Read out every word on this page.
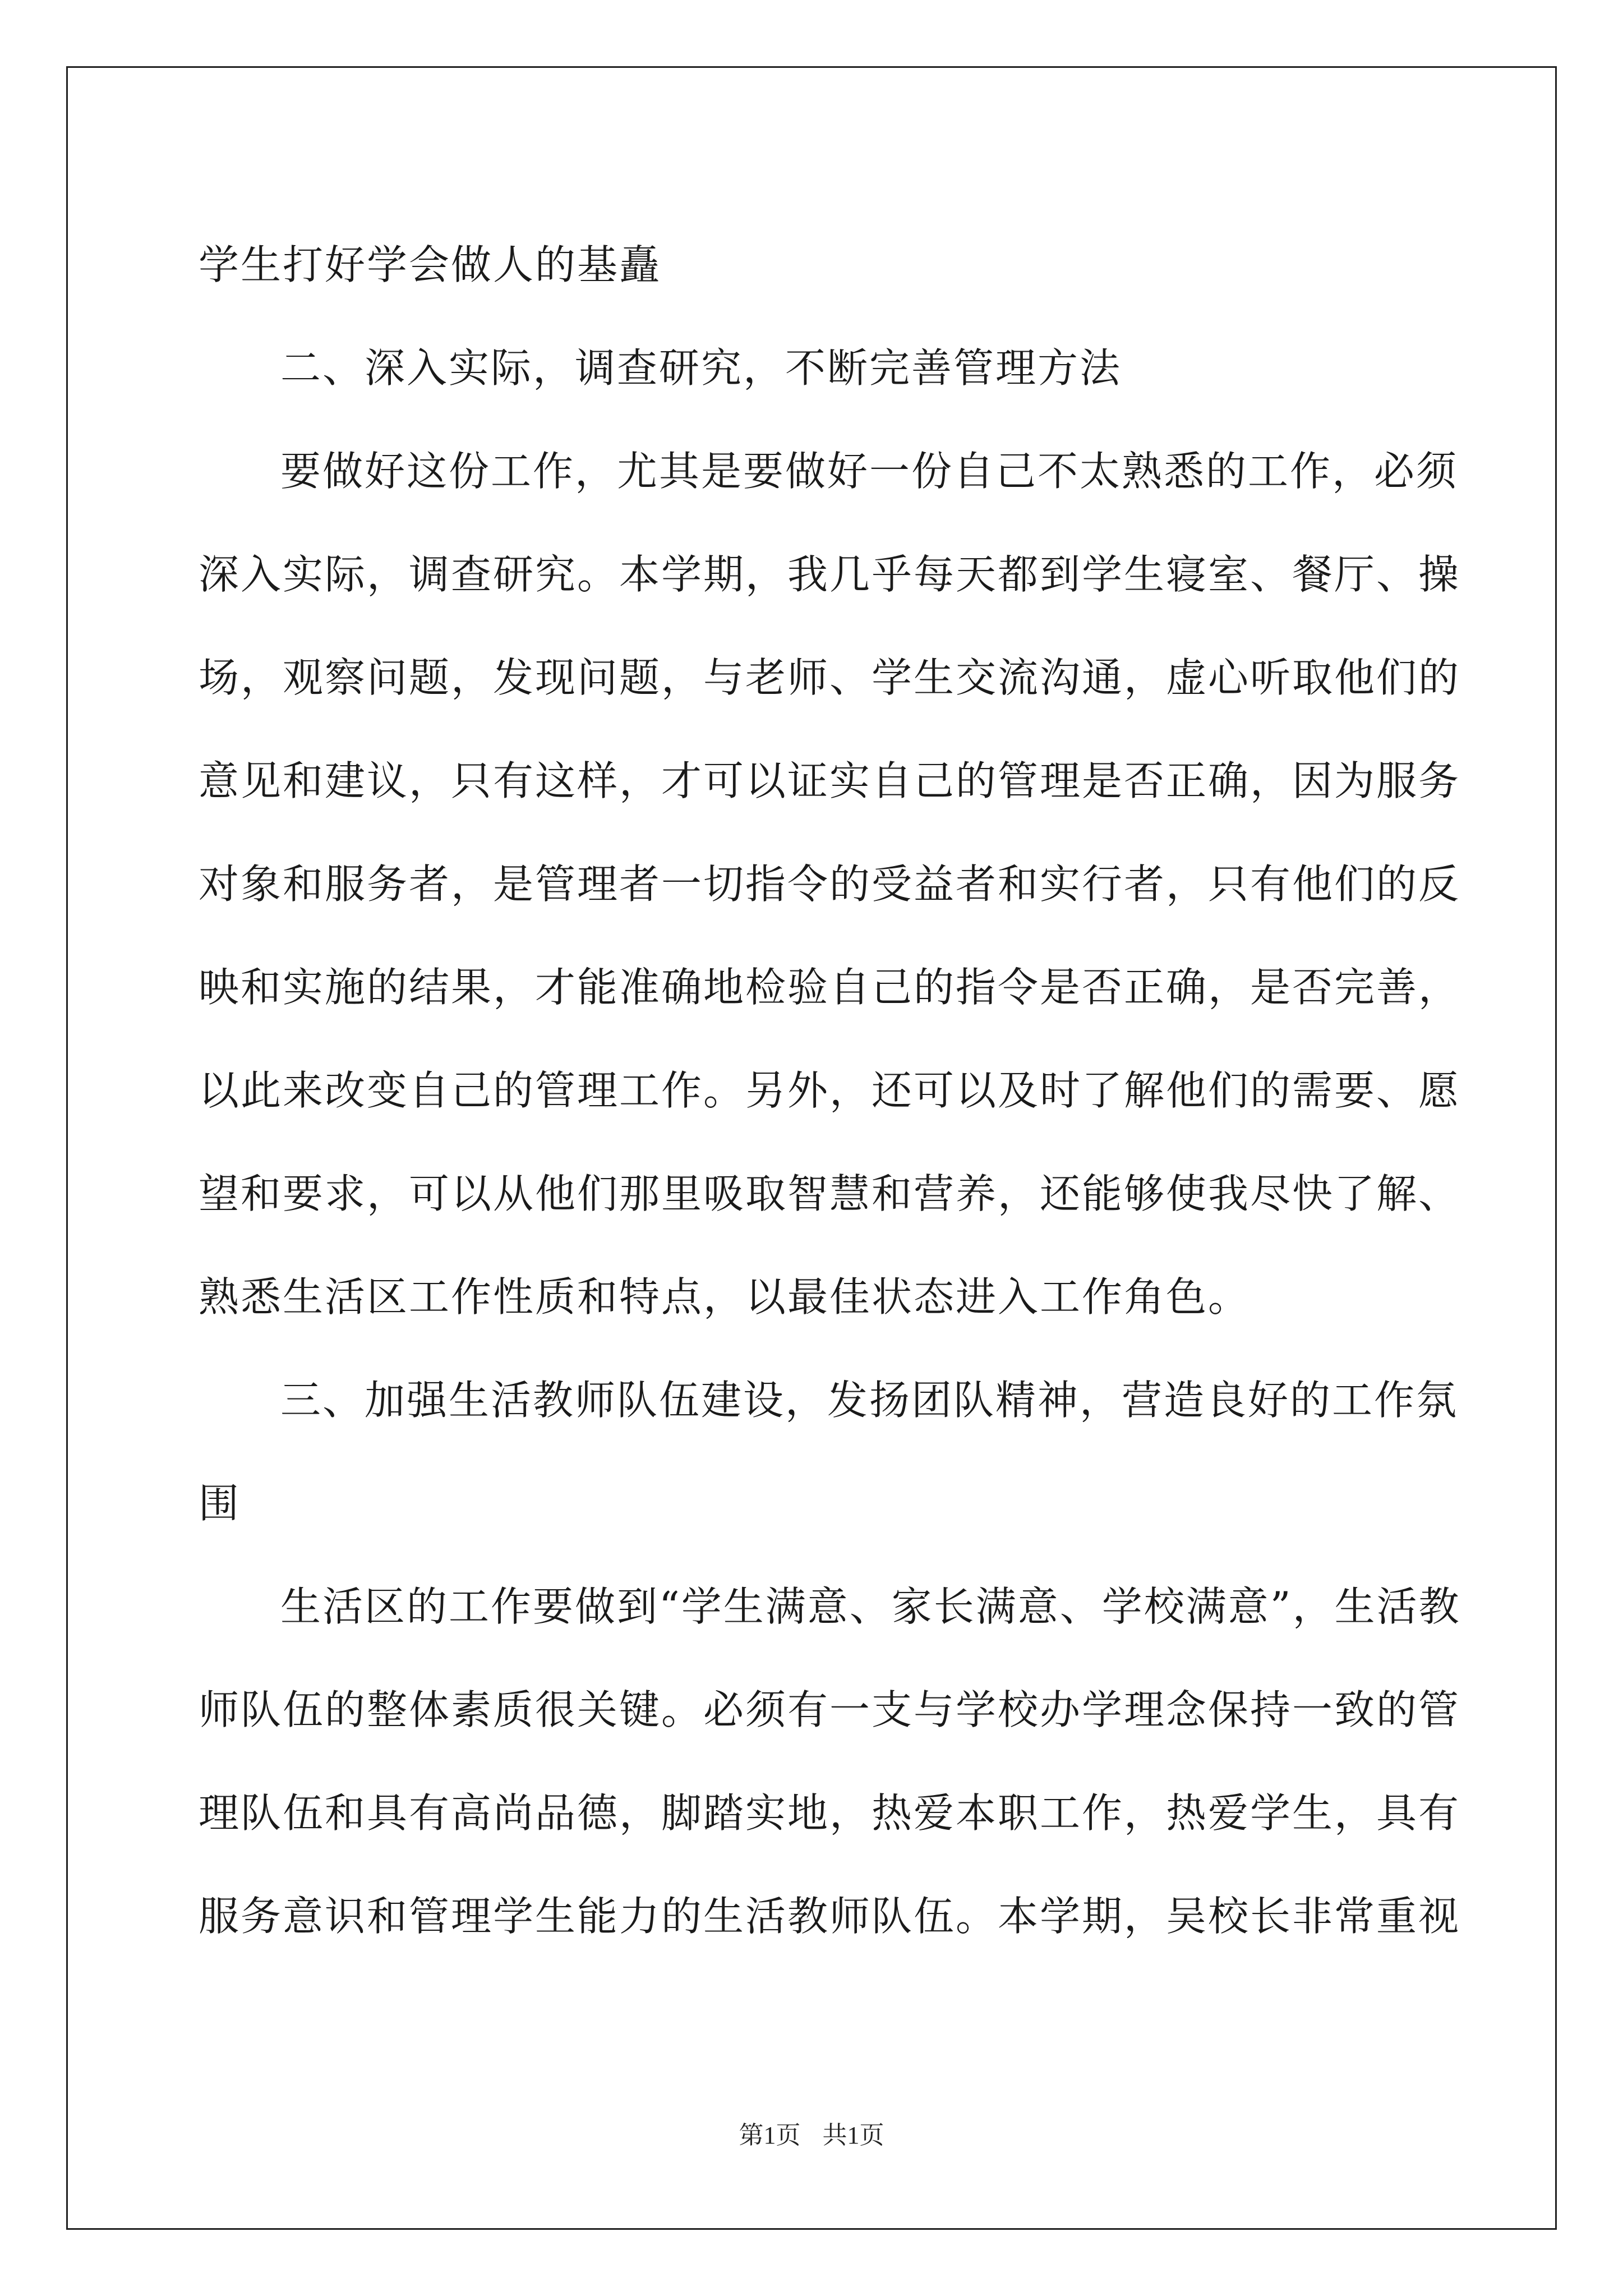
学生打好学会做人的基矗
二、深入实际，调查研究，不断完善管理方法
要做好这份工作，尤其是要做好一份自己不太熟悉的工作，必须
深入实际，调查研究。本学期，我几乎每天都到学生寝室、餐厅、操
场，观察问题，发现问题，与老师、学生交流沟通，虚心听取他们的
意见和建议，只有这样，才可以证实自己的管理是否正确，因为服务
对象和服务者，是管理者一切指令的受益者和实行者，只有他们的反
映和实施的结果，才能准确地检验自己的指令是否正确，是否完善，
以此来改变自己的管理工作。另外，还可以及时了解他们的需要、愿
望和要求，可以从他们那里吸取智慧和营养，还能够使我尽快了解、
熟悉生活区工作性质和特点，以最佳状态进入工作角色。
三、加强生活教师队伍建设，发扬团队精神，营造良好的工作氛
围
生活区的工作要做到“学生满意、家长满意、学校满意”，生活教
师队伍的整体素质很关键。必须有一支与学校办学理念保持一致的管
理队伍和具有高尚品德，脚踏实地，热爱本职工作，热爱学生，具有
服务意识和管理学生能力的生活教师队伍。本学期，吴校长非常重视
第1页 共1页
